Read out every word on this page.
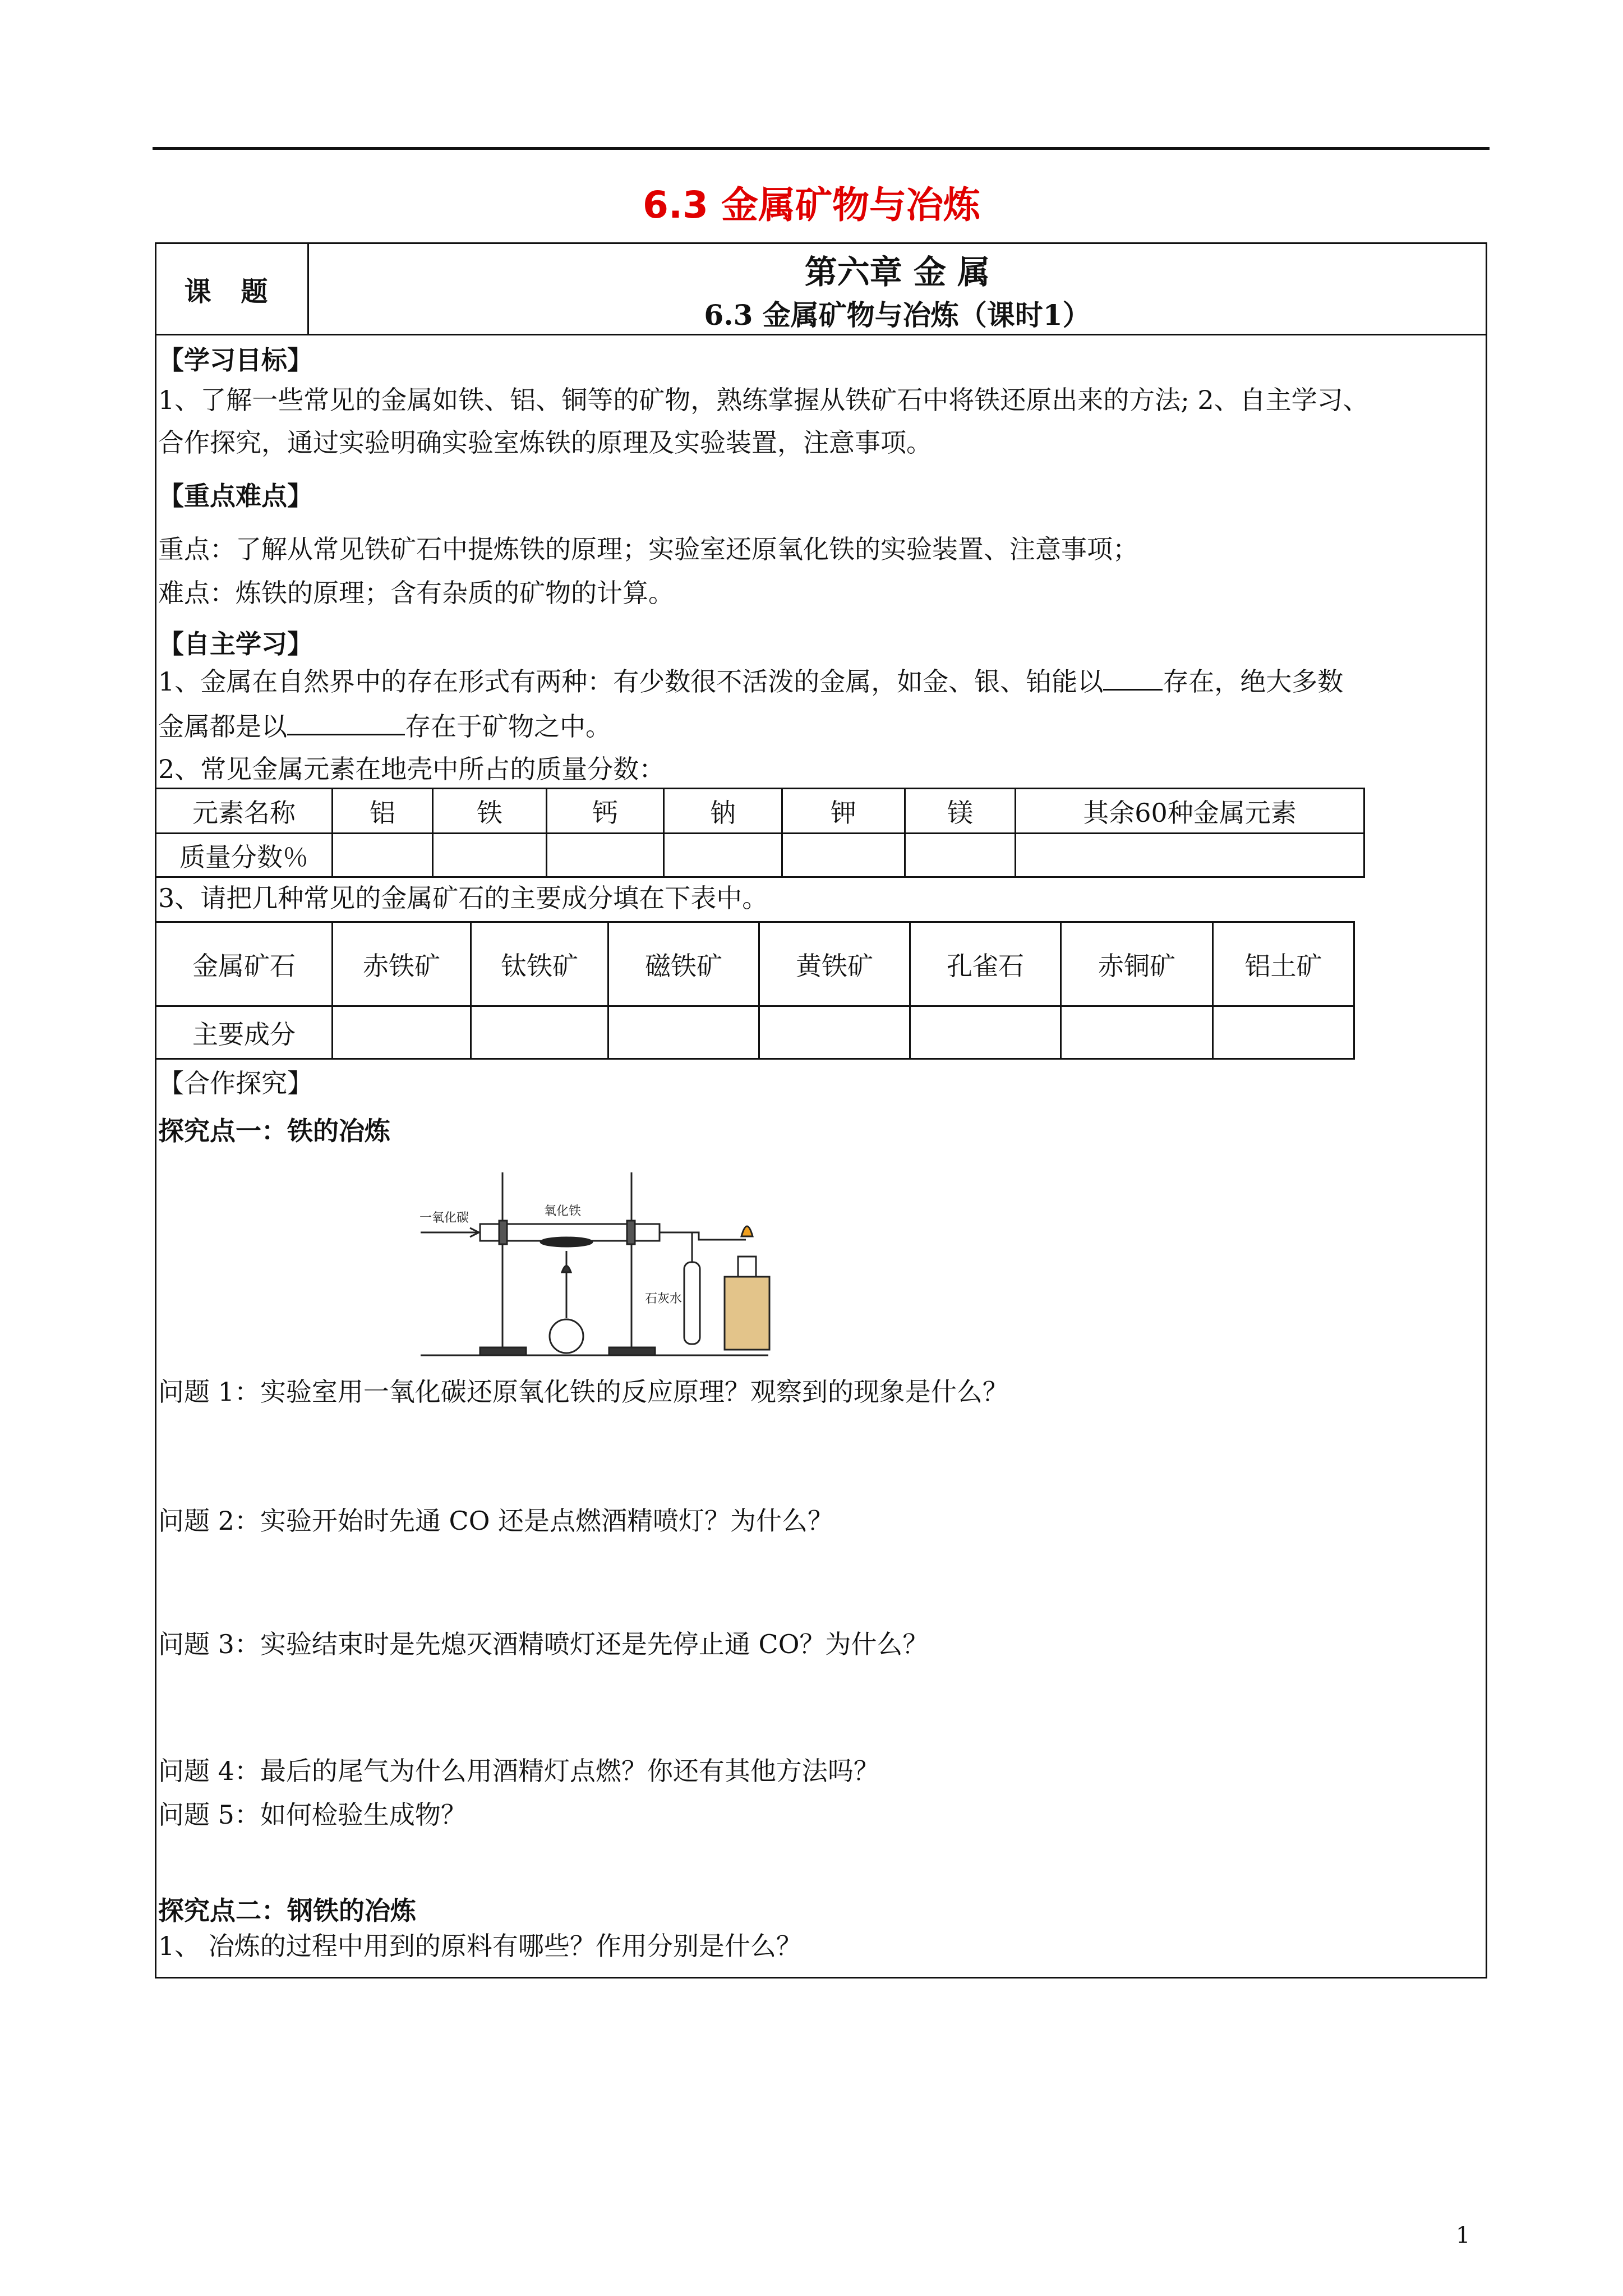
6.3 金属矿物与冶炼
课 题
第六章 金 属
6.3 金属矿物与冶炼（课时1）
【学习目标】
1、了解一些常见的金属如铁、铝、铜等的矿物，熟练掌握从铁矿石中将铁还原出来的方法; 2、自主学习、
合作探究，通过实验明确实验室炼铁的原理及实验装置，注意事项。
【重点难点】
重点：了解从常见铁矿石中提炼铁的原理；实验室还原氧化铁的实验装置、注意事项；
难点：炼铁的原理；含有杂质的矿物的计算。
【自主学习】
1、金属在自然界中的存在形式有两种：有少数很不活泼的金属，如金、银、铂能以 存在，绝大多数
金属都是以	存在于矿物之中。
2、常见金属元素在地壳中所占的质量分数：
元素名称	铝	铁	钙	钠	钾	镁	其余60种金属元素
质量分数％							
3、请把几种常见的金属矿石的主要成分填在下表中。
金属矿石	赤铁矿	钛铁矿	磁铁矿	黄铁矿	孔雀石	赤铜矿	铝土矿
主要成分							
【合作探究】
探究点一：铁的冶炼
一氧化碳	氧化铁
石灰水
问题 1：实验室用一氧化碳还原氧化铁的反应原理？观察到的现象是什么？
问题 2：实验开始时先通 CO 还是点燃酒精喷灯？为什么？
问题 3：实验结束时是先熄灭酒精喷灯还是先停止通 CO？为什么？
问题 4：最后的尾气为什么用酒精灯点燃？你还有其他方法吗？
问题 5：如何检验生成物？
探究点二：钢铁的冶炼
1、 冶炼的过程中用到的原料有哪些？作用分别是什么？
1
